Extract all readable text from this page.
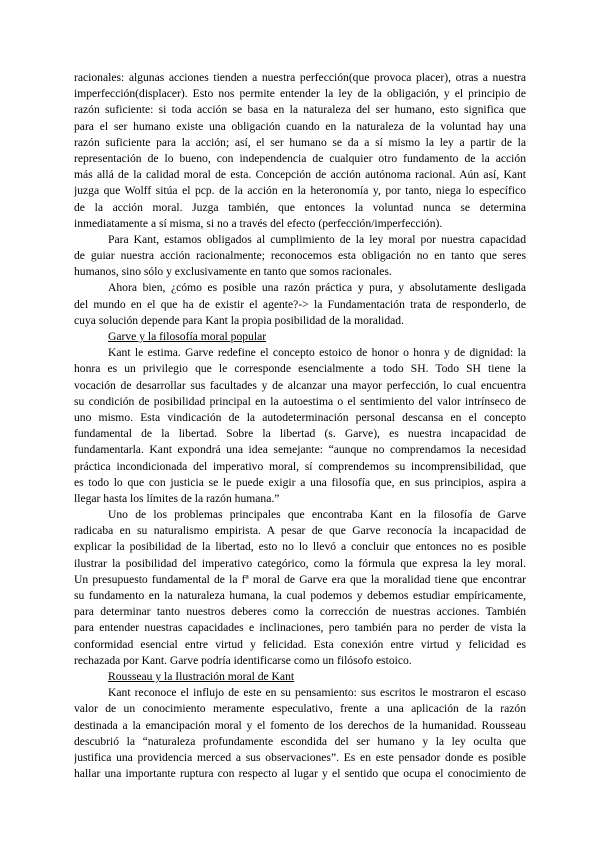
racionales: algunas acciones tienden a nuestra perfección(que provoca placer), otras a nuestra
imperfección(displacer). Esto nos permite entender la ley de la obligación, y el principio de
razón suficiente: si toda acción se basa en la naturaleza del ser humano, esto significa que
para el ser humano existe una obligación cuando en la naturaleza de la voluntad hay una
razón suficiente para la acción; así, el ser humano se da a sí mismo la ley a partir de la
representación de lo bueno, con independencia de cualquier otro fundamento de la acción
más allá de la calidad moral de esta. Concepción de acción autónoma racional. Aún así, Kant
juzga que Wolff sitúa el pcp. de la acción en la heteronomía y, por tanto, niega lo específico
de la acción moral. Juzga también, que entonces la voluntad nunca se determina
inmediatamente a sí misma, si no a través del efecto (perfección/imperfección).
Para Kant, estamos obligados al cumplimiento de la ley moral por nuestra capacidad
de guiar nuestra acción racionalmente; reconocemos esta obligación no en tanto que seres
humanos, sino sólo y exclusivamente en tanto que somos racionales.
Ahora bien, ¿cómo es posible una razón práctica y pura, y absolutamente desligada
del mundo en el que ha de existir el agente?-> la Fundamentación trata de responderlo, de
cuya solución depende para Kant la propia posibilidad de la moralidad.
Garve y la filosofía moral popular
Kant le estima. Garve redefine el concepto estoico de honor o honra y de dignidad: la
honra es un privilegio que le corresponde esencialmente a todo SH. Todo SH tiene la
vocación de desarrollar sus facultades y de alcanzar una mayor perfección, lo cual encuentra
su condición de posibilidad principal en la autoestima o el sentimiento del valor intrínseco de
uno mismo. Esta vindicación de la autodeterminación personal descansa en el concepto
fundamental de la libertad. Sobre la libertad (s. Garve), es nuestra incapacidad de
fundamentarla. Kant expondrá una idea semejante: “aunque no comprendamos la necesidad
práctica incondicionada del imperativo moral, sí comprendemos su incomprensibilidad, que
es todo lo que con justicia se le puede exigir a una filosofía que, en sus principios, aspira a
llegar hasta los límites de la razón humana.”
Uno de los problemas principales que encontraba Kant en la filosofía de Garve
radicaba en su naturalismo empirista. A pesar de que Garve reconocía la incapacidad de
explicar la posibilidad de la libertad, esto no lo llevó a concluir que entonces no es posible
ilustrar la posibilidad del imperativo categórico, como la fórmula que expresa la ley moral.
Un presupuesto fundamental de la fª moral de Garve era que la moralidad tiene que encontrar
su fundamento en la naturaleza humana, la cual podemos y debemos estudiar empíricamente,
para determinar tanto nuestros deberes como la corrección de nuestras acciones. También
para entender nuestras capacidades e inclinaciones, pero también para no perder de vista la
conformidad esencial entre virtud y felicidad. Esta conexión entre virtud y felicidad es
rechazada por Kant. Garve podría identificarse como un filósofo estoico.
Rousseau y la Ilustración moral de Kant
Kant reconoce el influjo de este en su pensamiento: sus escritos le mostraron el escaso
valor de un conocimiento meramente especulativo, frente a una aplicación de la razón
destinada a la emancipación moral y el fomento de los derechos de la humanidad. Rousseau
descubrió la “naturaleza profundamente escondida del ser humano y la ley oculta que
justifica una providencia merced a sus observaciones”. Es en este pensador donde es posible
hallar una importante ruptura con respecto al lugar y el sentido que ocupa el conocimiento de
